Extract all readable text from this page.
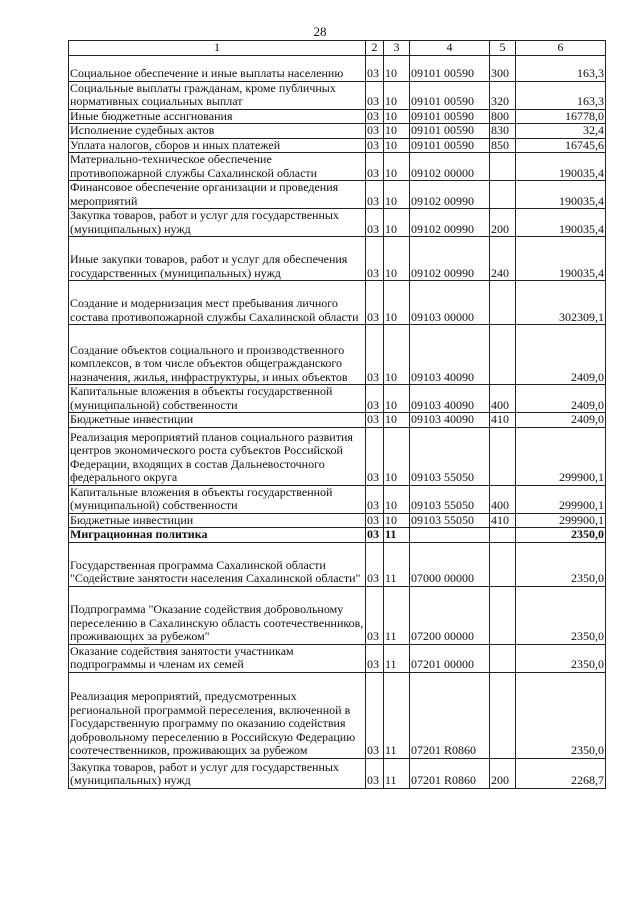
28
1	2	3	4	5	6
Социальное обеспечение и иные выплаты населению	03	10	09101 00590	300	163,3
Социальные выплаты гражданам, кроме публичных нормативных социальных выплат	03	10	09101 00590	320	163,3
Иные бюджетные ассигнования	03	10	09101 00590	800	16778,0
Исполнение судебных актов	03	10	09101 00590	830	32,4
Уплата налогов, сборов и иных платежей	03	10	09101 00590	850	16745,6
Материально-техническое обеспечение противопожарной службы Сахалинской области	03	10	09102 00000		190035,4
Финансовое обеспечение организации и проведения мероприятий	03	10	09102 00990		190035,4
Закупка товаров, работ и услуг для государственных (муниципальных) нужд	03	10	09102 00990	200	190035,4
Иные закупки товаров, работ и услуг для обеспечения государственных (муниципальных) нужд	03	10	09102 00990	240	190035,4
Создание и модернизация мест пребывания личного состава противопожарной службы Сахалинской области	03	10	09103 00000		302309,1
Создание объектов социального и производственного комплексов, в том числе объектов общегражданского назначения, жилья, инфраструктуры, и иных объектов	03	10	09103 40090		2409,0
Капитальные вложения в объекты государственной (муниципальной) собственности	03	10	09103 40090	400	2409,0
Бюджетные инвестиции	03	10	09103 40090	410	2409,0
Реализация мероприятий планов социального развития центров экономического роста субъектов Российской Федерации, входящих в состав Дальневосточного федерального округа	03	10	09103 55050		299900,1
Капитальные вложения в объекты государственной (муниципальной) собственности	03	10	09103 55050	400	299900,1
Бюджетные инвестиции	03	10	09103 55050	410	299900,1
Миграционная политика	03	11			2350,0
Государственная программа Сахалинской области "Содействие занятости населения Сахалинской области"	03	11	07000 00000		2350,0
Подпрограмма "Оказание содействия добровольному переселению в Сахалинскую область соотечественников, проживающих за рубежом"	03	11	07200 00000		2350,0
Оказание содействия занятости участникам подпрограммы и членам их семей	03	11	07201 00000		2350,0
Реализация мероприятий, предусмотренных региональной программой переселения, включенной в Государственную программу по оказанию содействия добровольному переселению в Российскую Федерацию соотечественников, проживающих за рубежом	03	11	07201 R0860		2350,0
Закупка товаров, работ и услуг для государственных (муниципальных) нужд	03	11	07201 R0860	200	2268,7
